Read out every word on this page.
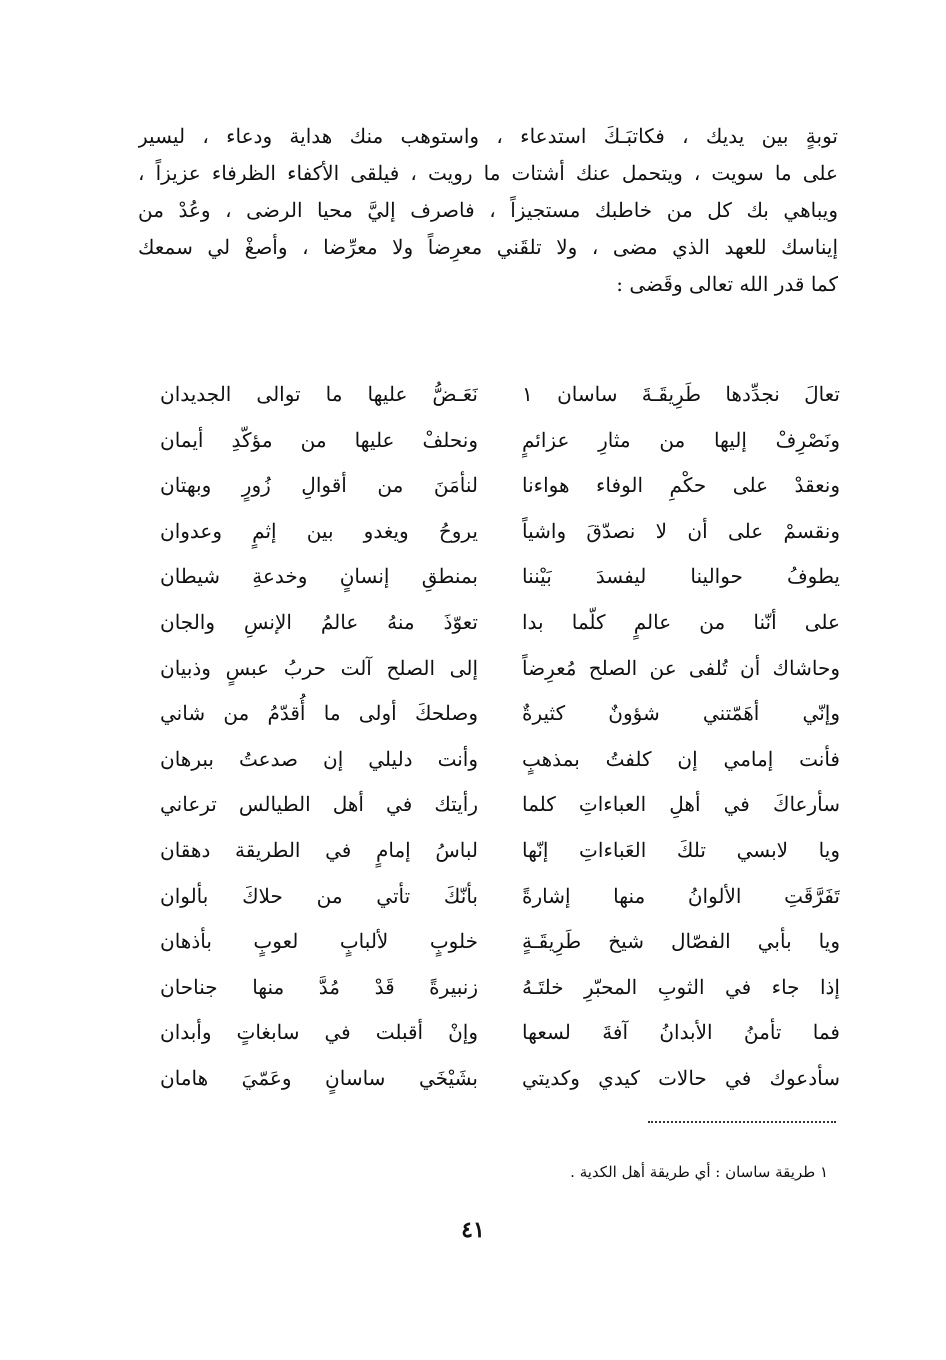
توبةٍ بين يديك ، فكاتبَـكَ استدعاء ، واستوهب منك هداية ودعاء ، ليسير
على ما سويت ، ويتحمل عنك أشتات ما رويت ، فيلقى الأكفاء الظرفاء عزيزاً ،
ويباهي بك كل من خاطبك مستجيزاً ، فاصرف إليَّ محيا الرضى ، وعُدْ من
إيناسك للعهد الذي مضى ، ولا تلقَني معرِضاً ولا معرِّضا ، وأصغْ لي سمعك
كما قدر الله تعالى وقَضى :
تعالَ نجدِّدها طَرِيقَـةَ ساسان ١
نَعَـضُّ عليها ما توالى الجديدان
ونَصْرِفْ إليها من مثارِ عزائمٍ
ونحلفْ عليها من مؤكّدِ أيمان
ونعقدْ على حكْمِ الوفاء هواءنا
لنأمَنَ من أقوالِ زُورٍ وبهتان
ونقسمْ على أن لا نصدّقَ واشياً
يروحُ ويغدو بين إثمٍ وعدوان
يطوفُ حوالينا ليفسدَ بَيْننا
بمنطقِ إنسانٍ وخدعةِ شيطان
على أنّنا من عالمٍ كلّما بدا
تعوّذَ منهُ عالمُ الإنسِ والجان
وحاشاك أن تُلفى عن الصلح مُعرِضاً
إلى الصلح آلت حربُ عبسٍ وذبيان
وإنّي أهَمّتني شؤونٌ كثيرةٌ
وصلحكَ أولى ما أُقدّمُ من شاني
فأنت إمامي إن كلفتُ بمذهبٍ
وأنت دليلي إن صدعتُ ببرهان
سأرعاكَ في أهلِ العباءاتِ كلما
رأيتك في أهل الطيالس ترعاني
ويا لابسي تلكَ العَباءاتِ إنّها
لباسُ إمامٍ في الطريقة دهقان
تَفَرَّقَتِ الألوانُ منها إشارةً
بأنّكَ تأتي من حلاكَ بألوان
ويا بأبي الفصّال شيخ طَرِيقَـةٍ
خلوبٍ لألبابٍ لعوبٍ بأذهان
إذا جاء في الثوبِ المحبّرِ خلتَـهُ
زنبيرةً قَدْ مُدَّ منها جناحان
فما تأمنُ الأبدانُ آفةَ لسعها
وإنْ أقبلت في سابغاتٍ وأبدان
سأدعوك في حالات كيدي وكديتي
بشَيْخَي ساسانٍ وعَمّيَ هامان
١ طريقة ساسان : أي طريقة أهل الكدية .
٤١
